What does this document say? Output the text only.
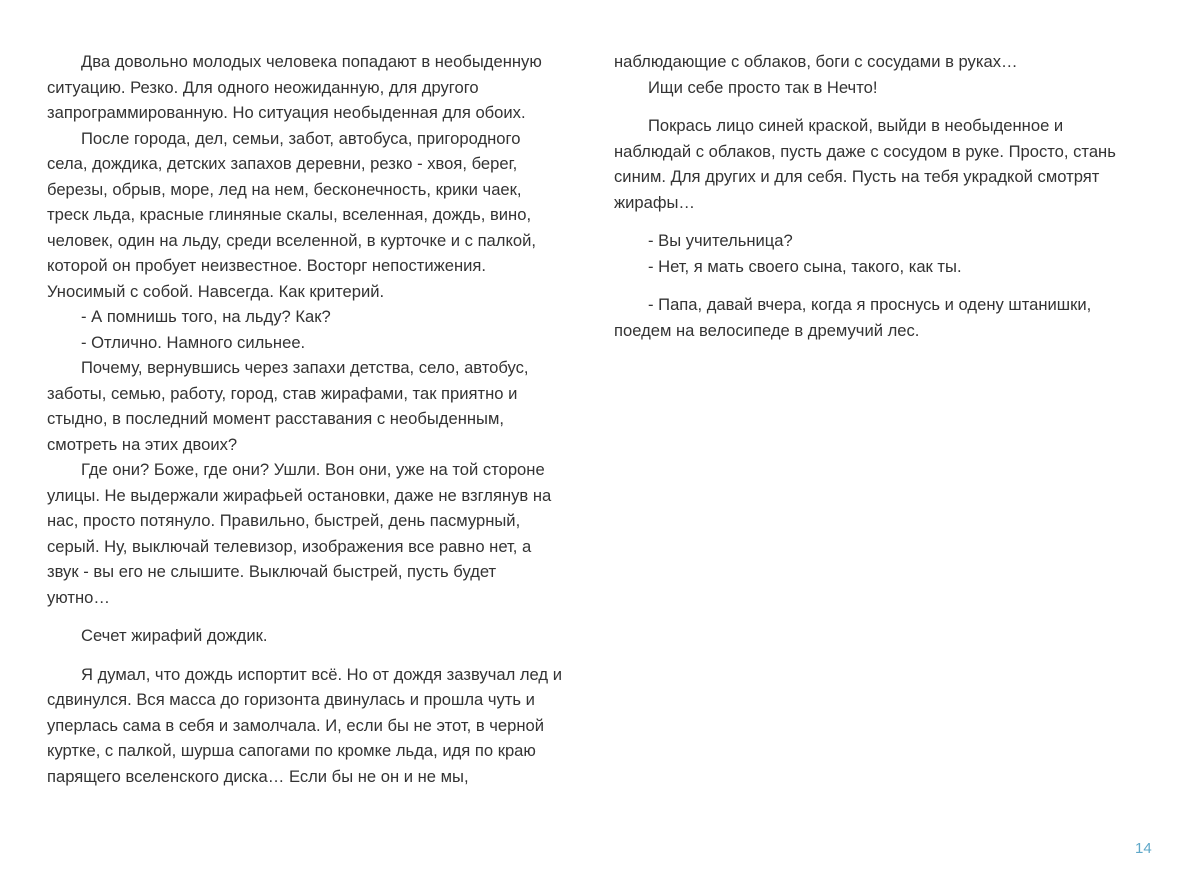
Два довольно молодых человека попадают в необыденную
ситуацию. Резко. Для одного неожиданную, для другого
запрограммированную. Но ситуация необыденная для обоих.

После города, дел, семьи, забот, автобуса, пригородного
села, дождика, детских запахов деревни, резко - хвоя, берег,
березы, обрыв, море, лед на нем, бесконечность, крики чаек,
треск льда, красные глиняные скалы, вселенная, дождь, вино,
человек, один на льду, среди вселенной, в курточке и с палкой,
которой он пробует неизвестное. Восторг непостижения.
Уносимый с собой. Навсегда. Как критерий.

- А помнишь того, на льду? Как?

- Отлично. Намного сильнее.

Почему, вернувшись через запахи детства, село, автобус,
заботы, семью, работу, город, став жирафами, так приятно и
стыдно, в последний момент расставания с необыденным,
смотреть на этих двоих?

Где они? Боже, где они? Ушли. Вон они, уже на той стороне
улицы. Не выдержали жирафьей остановки, даже не взглянув на
нас, просто потянуло. Правильно, быстрей, день пасмурный,
серый. Ну, выключай телевизор, изображения все равно нет, а
звук - вы его не слышите. Выключай быстрей, пусть будет
уютно…

Сечет жирафий дождик.

Я думал, что дождь испортит всё. Но от дождя зазвучал лед и
сдвинулся. Вся масса до горизонта двинулась и прошла чуть и
уперлась сама в себя и замолчала. И, если бы не этот, в черной
куртке, с палкой, шурша сапогами по кромке льда, идя по краю
парящего вселенского диска… Если бы не он и не мы,

наблюдающие с облаков, боги с сосудами в руках…

Ищи себе просто так в Нечто!

Покрась лицо синей краской, выйди в необыденное и
наблюдай с облаков, пусть даже с сосудом в руке. Просто, стань
синим. Для других и для себя. Пусть на тебя украдкой смотрят
жирафы…

- Вы учительница?

- Нет, я мать своего сына, такого, как ты.

- Папа, давай вчера, когда я проснусь и одену штанишки,
поедем на велосипеде в дремучий лес.

14
